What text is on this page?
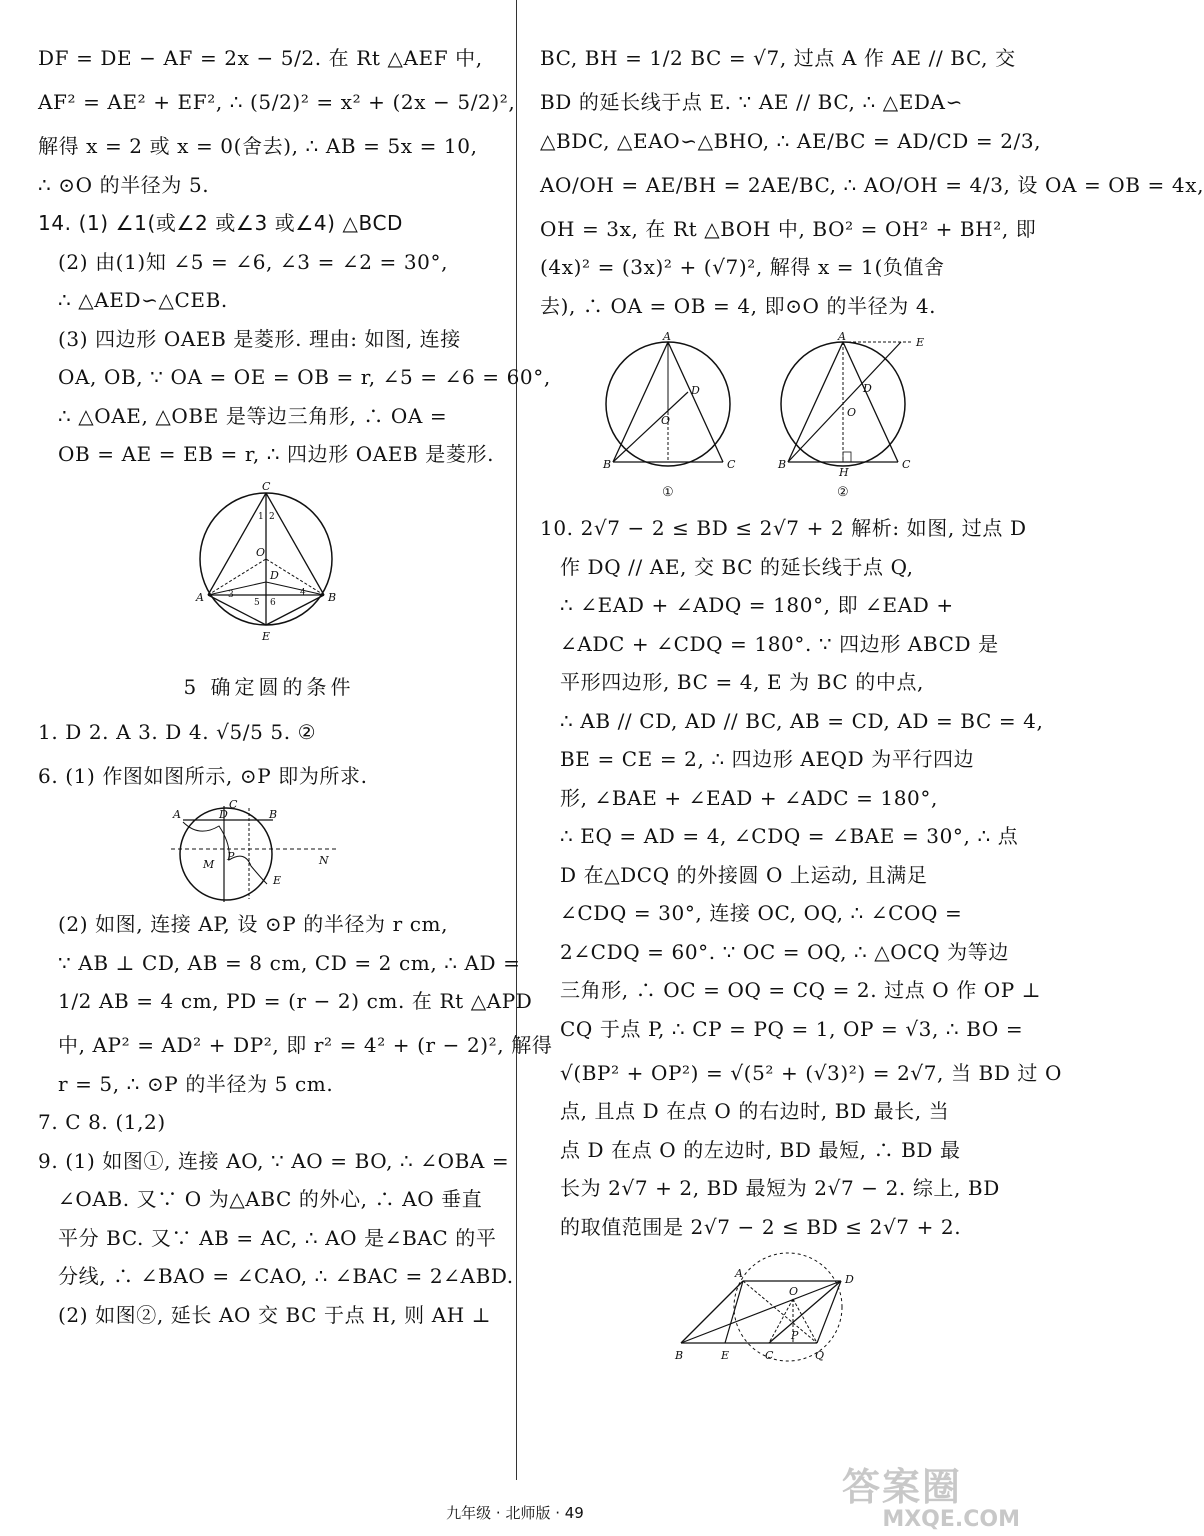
DF = DE − AF = 2x − 5/2. 在 Rt △AEF 中,
AF² = AE² + EF², ∴ (5/2)² = x² + (2x − 5/2)²,
解得 x = 2 或 x = 0(舍去), ∴ AB = 5x = 10,
∴ ⊙O 的半径为 5.
14. (1) ∠1(或∠2 或∠3 或∠4) △BCD
(2) 由(1)知 ∠5 = ∠6, ∠3 = ∠2 = 30°,
∴ △AED∽△CEB.
(3) 四边形 OAEB 是菱形. 理由: 如图, 连接
OA, OB, ∵ OA = OE = OB = r, ∠5 = ∠6 = 60°,
∴ △OAE, △OBE 是等边三角形, ∴ OA =
OB = AE = EB = r, ∴ 四边形 OAEB 是菱形.
C
A	B
E
O
D
1 2
3	4
5 6
5 确定圆的条件
1. D 2. A 3. D 4. √5/5 5. ②
6. (1) 作图如图所示, ⊙P 即为所求.
A	D
C
B
P
M
E
N
(2) 如图, 连接 AP, 设 ⊙P 的半径为 r cm,
∵ AB ⊥ CD, AB = 8 cm, CD = 2 cm, ∴ AD =
1/2 AB = 4 cm, PD = (r − 2) cm. 在 Rt △APD
中, AP² = AD² + DP², 即 r² = 4² + (r − 2)², 解得
r = 5, ∴ ⊙P 的半径为 5 cm.
7. C 8. (1,2)
9. (1) 如图①, 连接 AO, ∵ AO = BO, ∴ ∠OBA =
∠OAB. 又∵ O 为△ABC 的外心, ∴ AO 垂直
平分 BC. 又∵ AB = AC, ∴ AO 是∠BAC 的平
分线, ∴ ∠BAO = ∠CAO, ∴ ∠BAC = 2∠ABD.
(2) 如图②, 延长 AO 交 BC 于点 H, 则 AH ⊥
BC, BH = 1/2 BC = √7, 过点 A 作 AE // BC, 交
BD 的延长线于点 E. ∵ AE // BC, ∴ △EDA∽
△BDC, △EAO∽△BHO, ∴ AE/BC = AD/CD = 2/3,
AO/OH = AE/BH = 2AE/BC, ∴ AO/OH = 4/3, 设 OA = OB = 4x,
OH = 3x, 在 Rt △BOH 中, BO² = OH² + BH², 即
(4x)² = (3x)² + (√7)², 解得 x = 1(负值舍
去), ∴ OA = OB = 4, 即⊙O 的半径为 4.
A
B	C
D
O
①
A	E
B	C
D
O
H
②
10. 2√7 − 2 ≤ BD ≤ 2√7 + 2 解析: 如图, 过点 D
作 DQ // AE, 交 BC 的延长线于点 Q,
∴ ∠EAD + ∠ADQ = 180°, 即 ∠EAD +
∠ADC + ∠CDQ = 180°. ∵ 四边形 ABCD 是
平形四边形, BC = 4, E 为 BC 的中点,
∴ AB // CD, AD // BC, AB = CD, AD = BC = 4,
BE = CE = 2, ∴ 四边形 AEQD 为平行四边
形, ∠BAE + ∠EAD + ∠ADC = 180°,
∴ EQ = AD = 4, ∠CDQ = ∠BAE = 30°, ∴ 点
D 在△DCQ 的外接圆 O 上运动, 且满足
∠CDQ = 30°, 连接 OC, OQ, ∴ ∠COQ =
2∠CDQ = 60°. ∵ OC = OQ, ∴ △OCQ 为等边
三角形, ∴ OC = OQ = CQ = 2. 过点 O 作 OP ⊥
CQ 于点 P, ∴ CP = PQ = 1, OP = √3, ∴ BO =
√(BP² + OP²) = √(5² + (√3)²) = 2√7, 当 BD 过 O
点, 且点 D 在点 O 的右边时, BD 最长, 当
点 D 在点 O 的左边时, BD 最短, ∴ BD 最
长为 2√7 + 2, BD 最短为 2√7 − 2. 综上, BD
的取值范围是 2√7 − 2 ≤ BD ≤ 2√7 + 2.
A	D
O
B	E	C
P
Q
九年级 · 北师版 · 49
答案圈
MXQE.COM
